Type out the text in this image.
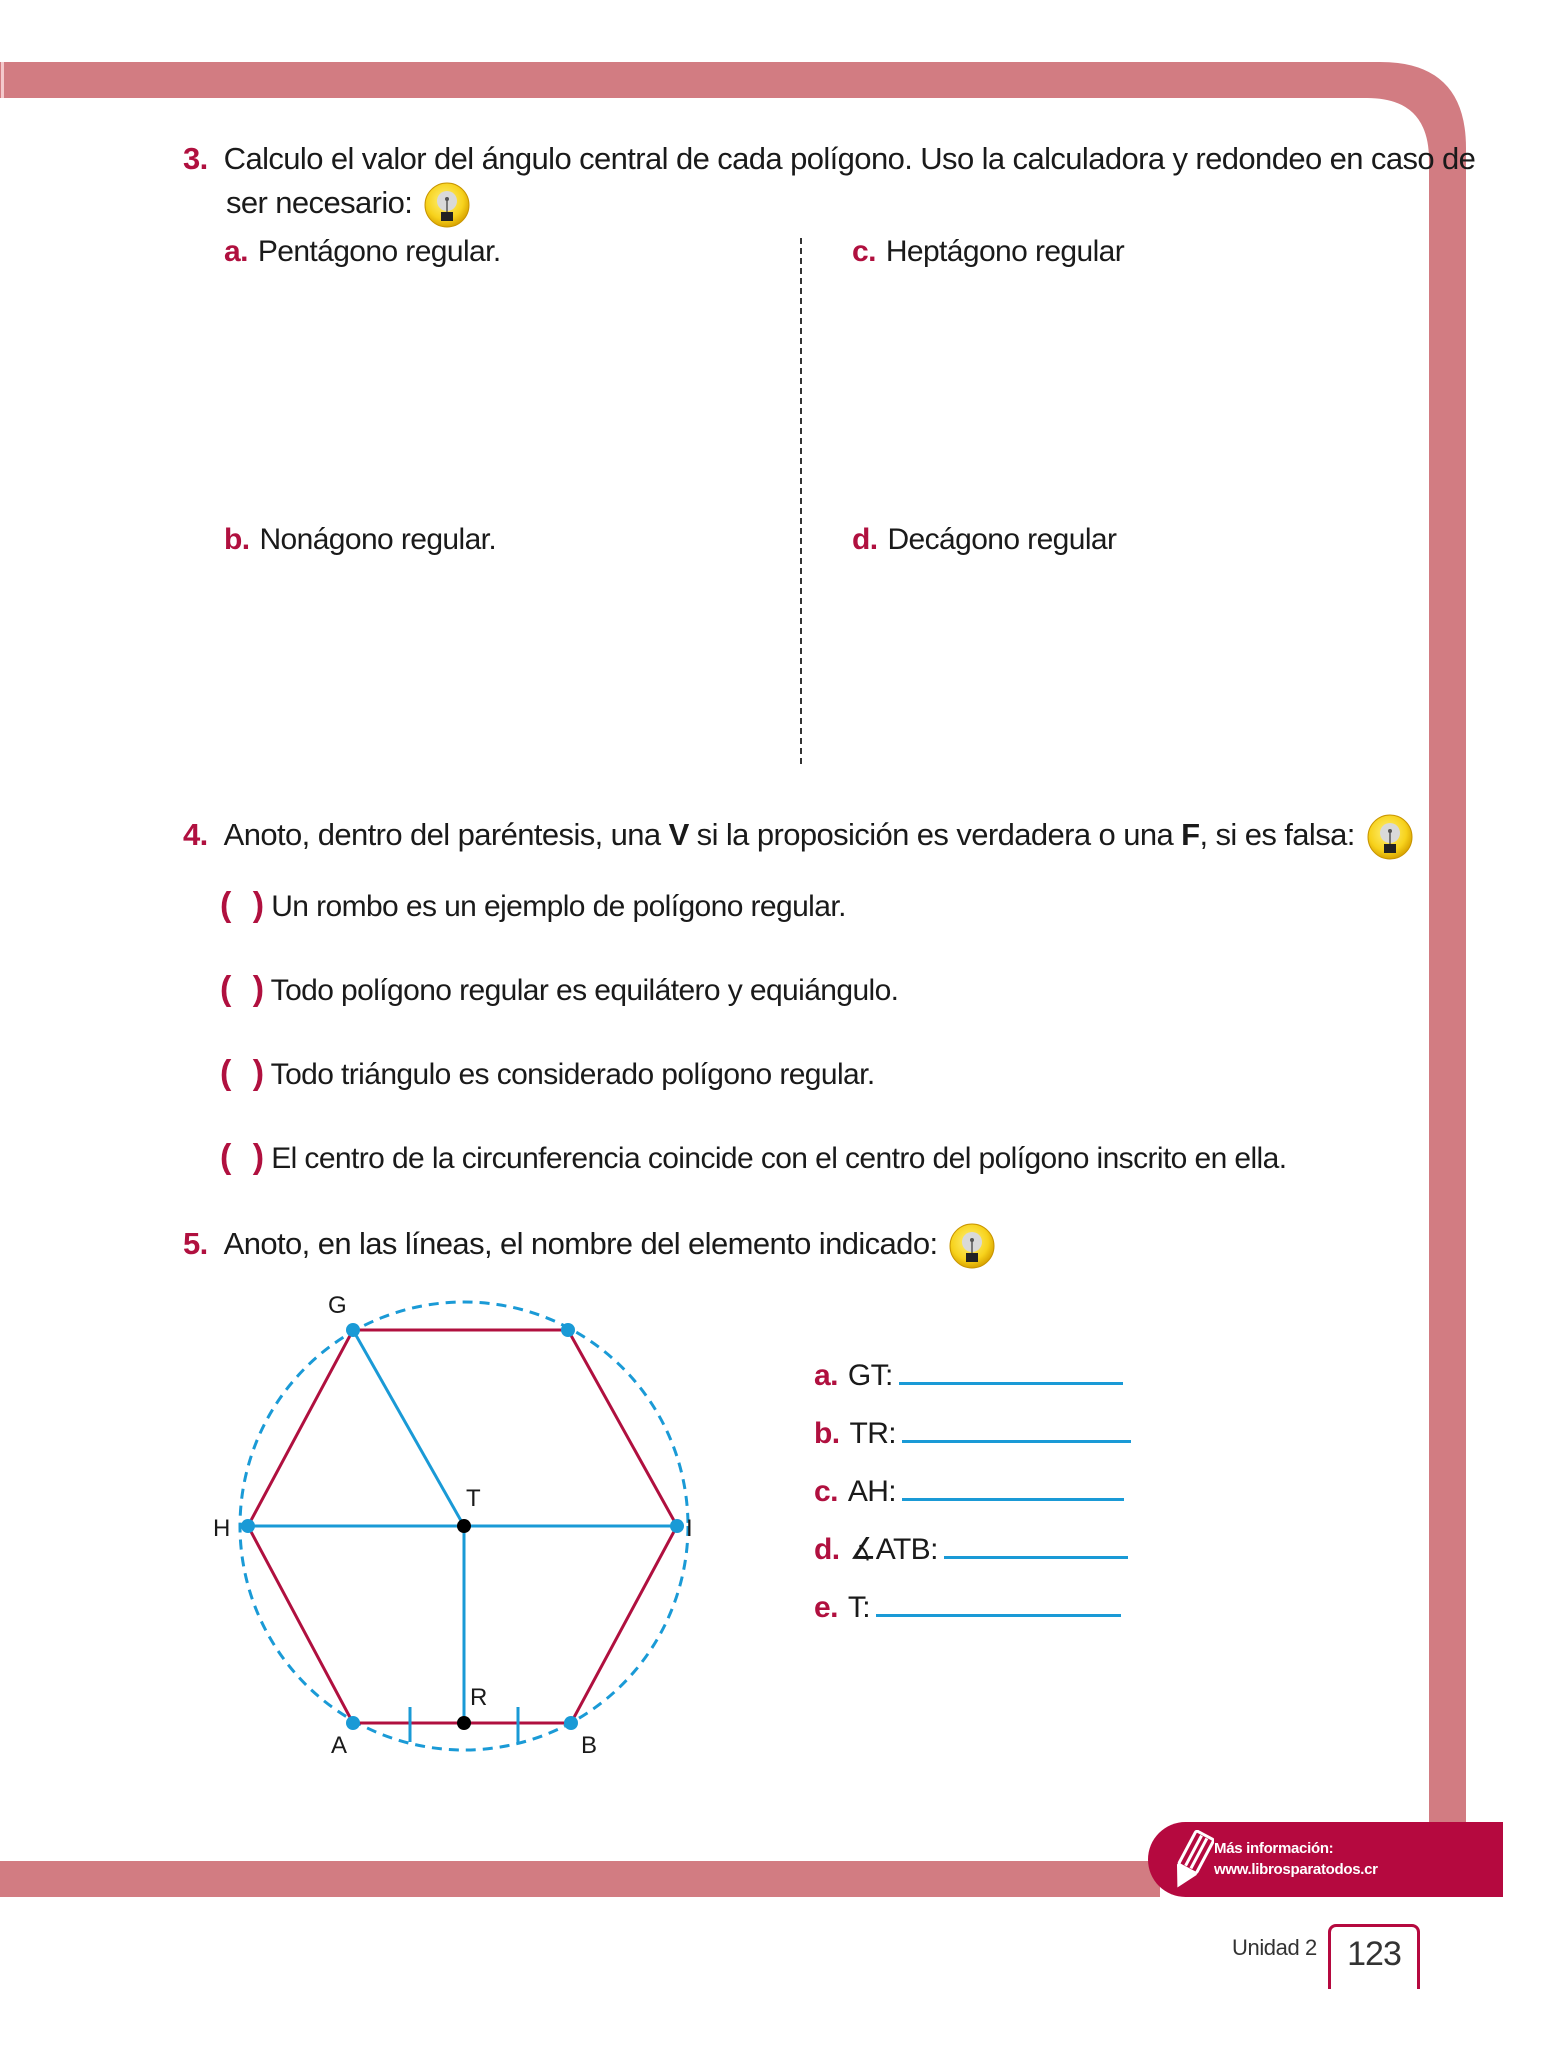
3. Calculo el valor del ángulo central de cada polígono. Uso la calculadora y redondeo en caso de
ser necesario:
a. Pentágono regular.
b. Nonágono regular.
c. Heptágono regular
d. Decágono regular
4. Anoto, dentro del paréntesis, una V si la proposición es verdadera o una F, si es falsa:
( ) Un rombo es un ejemplo de polígono regular.
( ) Todo polígono regular es equilátero y equiángulo.
( ) Todo triángulo es considerado polígono regular.
( ) El centro de la circunferencia coincide con el centro del polígono inscrito en ella.
5. Anoto, en las líneas, el nombre del elemento indicado:
G
H	I
T
R
A	B
a. GT:
b. TR:
c. AH:
d. ∡ATB:
e. T:
Más información:
www.librosparatodos.cr
Unidad 2 123
